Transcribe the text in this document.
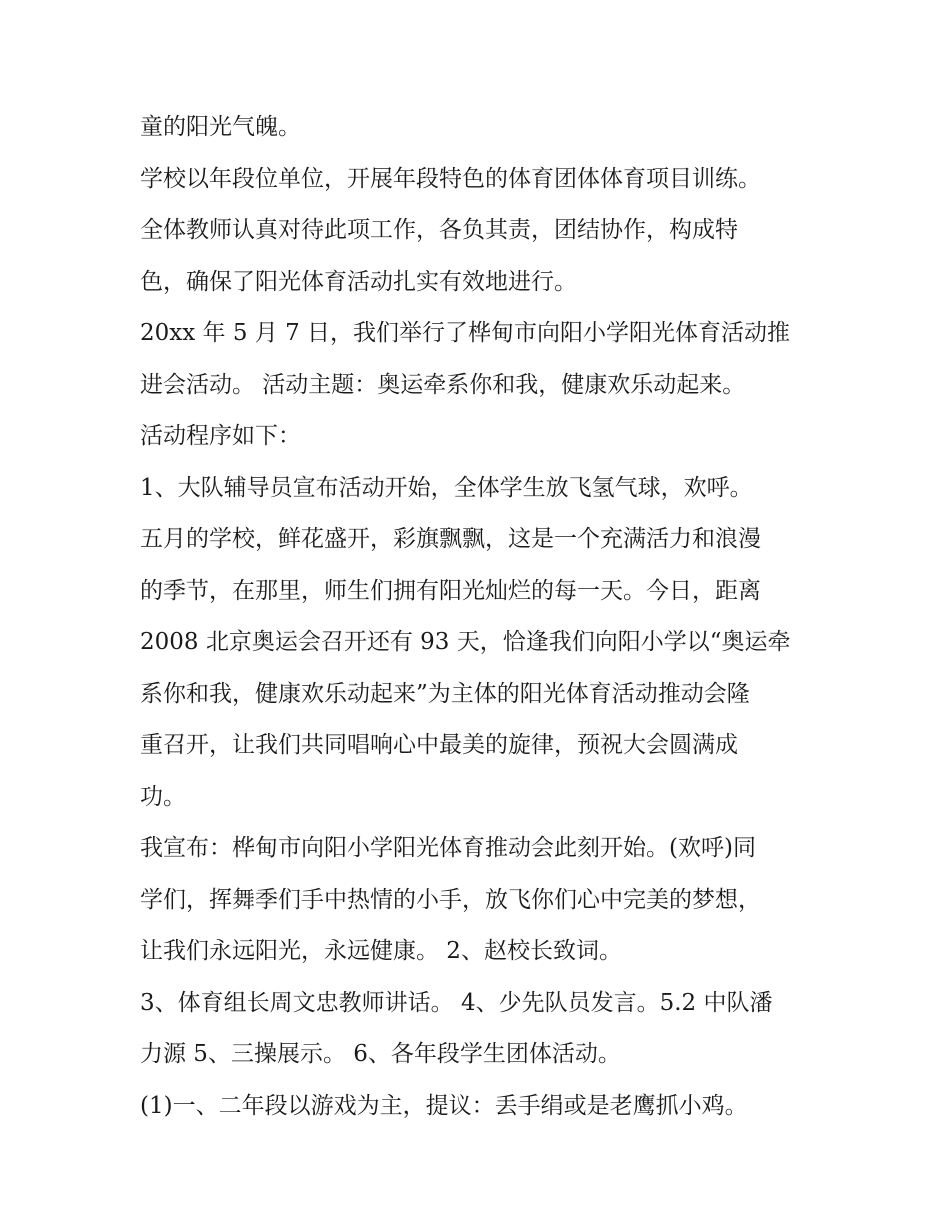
童的阳光气魄。
学校以年段位单位，开展年段特色的体育团体体育项目训练。
全体教师认真对待此项工作，各负其责，团结协作，构成特
色，确保了阳光体育活动扎实有效地进行。
20xx 年 5 月 7 日，我们举行了桦甸市向阳小学阳光体育活动推
进会活动。 活动主题：奥运牵系你和我，健康欢乐动起来。
活动程序如下：
1、大队辅导员宣布活动开始，全体学生放飞氢气球，欢呼。
五月的学校，鲜花盛开，彩旗飘飘，这是一个充满活力和浪漫
的季节，在那里，师生们拥有阳光灿烂的每一天。今日，距离
2008 北京奥运会召开还有 93 天，恰逢我们向阳小学以“奥运牵
系你和我，健康欢乐动起来”为主体的阳光体育活动推动会隆
重召开，让我们共同唱响心中最美的旋律，预祝大会圆满成
功。
我宣布：桦甸市向阳小学阳光体育推动会此刻开始。(欢呼)同
学们，挥舞季们手中热情的小手，放飞你们心中完美的梦想，
让我们永远阳光，永远健康。 2、赵校长致词。
3、体育组长周文忠教师讲话。 4、少先队员发言。5.2 中队潘
力源 5、三操展示。 6、各年段学生团体活动。
(1)一、二年段以游戏为主，提议：丢手绢或是老鹰抓小鸡。
